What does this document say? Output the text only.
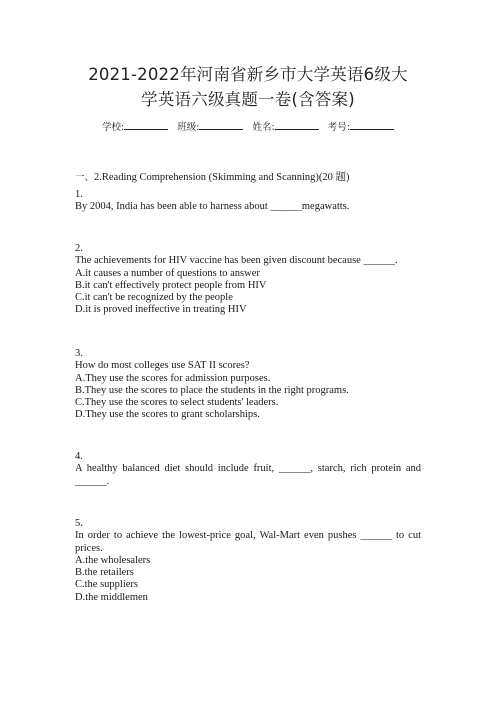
2021-2022年河南省新乡市大学英语6级大
学英语六级真题一卷(含答案)
学校:	班级:	姓名:	考号:
一、2.Reading Comprehension (Skimming and Scanning)(20 题)
1.
By 2004, India has been able to harness about ______megawatts.
2.
The achievements for HIV vaccine has been given discount because ______.
A.it causes a number of questions to answer
B.it can't effectively protect people from HIV
C.it can't be recognized by the people
D.it is proved ineffective in treating HIV
3.
How do most colleges use SAT II scores?
A.They use the scores for admission purposes.
B.They use the scores to place the students in the right programs.
C.They use the scores to select students' leaders.
D.They use the scores to grant scholarships.
4.
A healthy balanced diet should include fruit, ______, starch, rich protein and ______.
5.
In order to achieve the lowest-price goal, Wal-Mart even pushes ______ to cut prices.
A.the wholesalers
B.the retailers
C.the suppliers
D.the middlemen
